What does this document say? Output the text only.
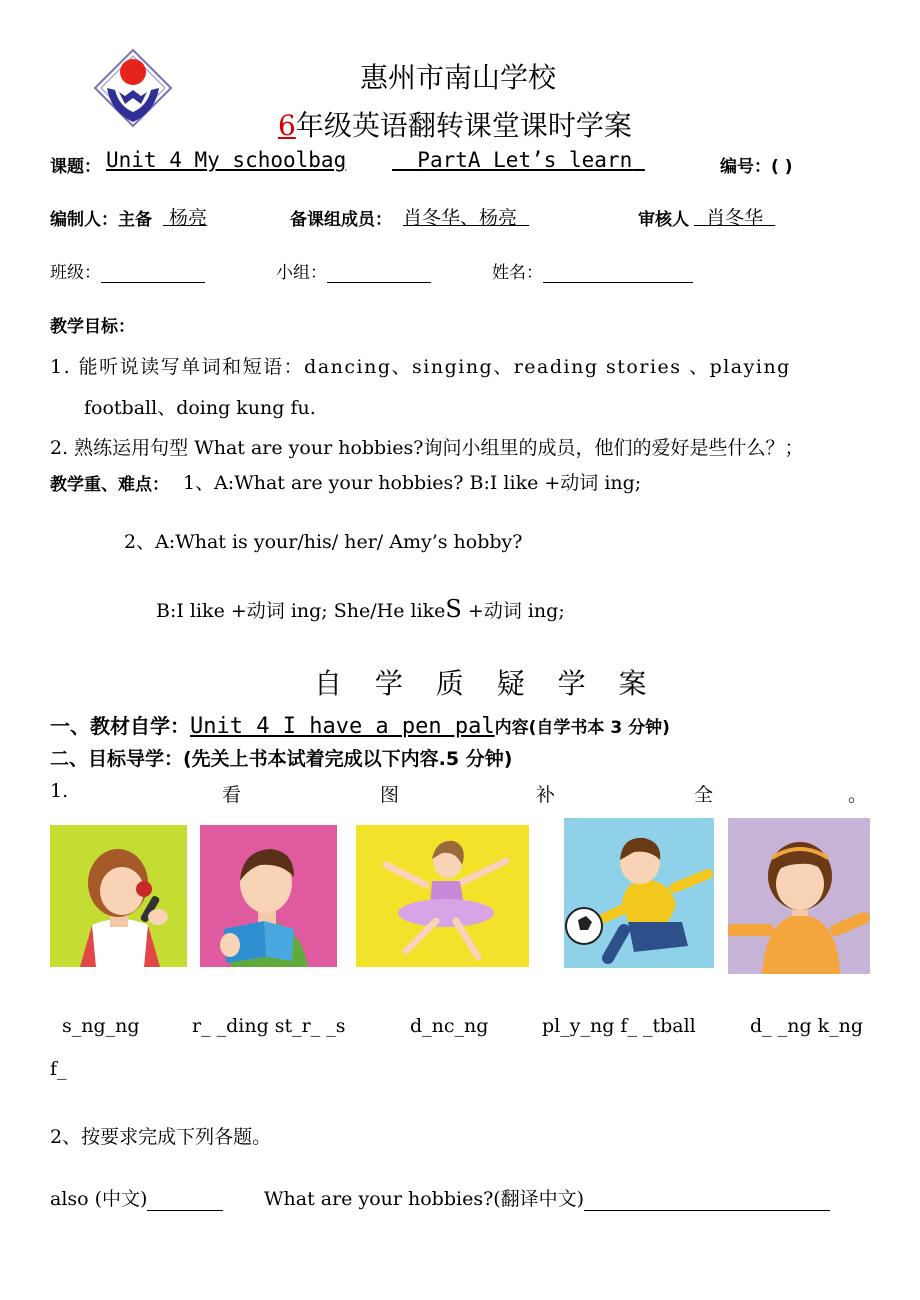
惠州市南山学校
6年级英语翻转课堂课时学案
课题： Unit 4 My schoolbag	PartA Let’s learn	编号：( )
编制人：主备 杨亮	备课组成员： 肖冬华、杨亮	审核人 肖冬华
班级：	小组：	姓名：
教学目标：
1. 能听说读写单词和短语：dancing、singing、reading stories 、playing
football、doing kung fu.
2. 熟练运用句型 What are your hobbies?询问小组里的成员，他们的爱好是些什么？；
教学重、难点： 1、A:What are your hobbies? B:I like +动词 ing;
2、A:What is your/his/ her/ Amy’s hobby?
B:I like +动词 ing; She/He likeS +动词 ing;
自 学 质 疑 学 案
一、教材自学：Unit 4 I have a pen pal内容(自学书本 3 分钟)
二、目标导学：(先关上书本试着完成以下内容.5 分钟)
1.	看	图	补	全	。
s_ng_ng	r_ _ding st_r_ _s	d_nc_ng	pl_y_ng f_ _tball	d_ _ng k_ng
f_
2、按要求完成下列各题。
also (中文)	What are your hobbies?(翻译中文)
